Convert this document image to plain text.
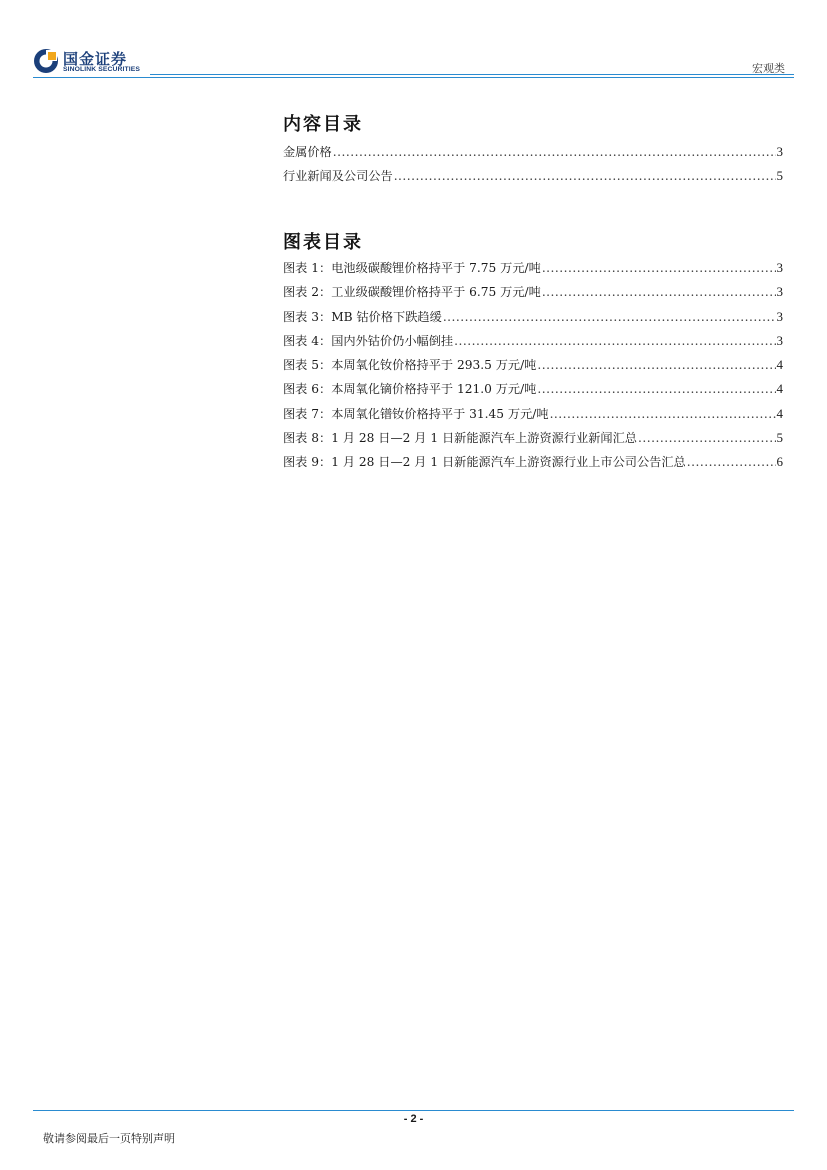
国金证券
SINOLINK SECURITIES	宏观类
内容目录
金属价格 .....	3
行业新闻及公司公告 .....	5
图表目录
图表 1：电池级碳酸锂价格持平于 7.75 万元/吨 .....	3
图表 2：工业级碳酸锂价格持平于 6.75 万元/吨 .....	3
图表 3：MB 钴价格下跌趋缓 .....	3
图表 4：国内外钴价仍小幅倒挂 .....	3
图表 5：本周氧化钕价格持平于 293.5 万元/吨 .....	4
图表 6：本周氧化镝价格持平于 121.0 万元/吨 .....	4
图表 7：本周氧化镨钕价格持平于 31.45 万元/吨 .....	4
图表 8：1 月 28 日—2 月 1 日新能源汽车上游资源行业新闻汇总 .....	5
图表 9：1 月 28 日—2 月 1 日新能源汽车上游资源行业上市公司公告汇总 .....	6
- 2 -
敬请参阅最后一页特别声明
